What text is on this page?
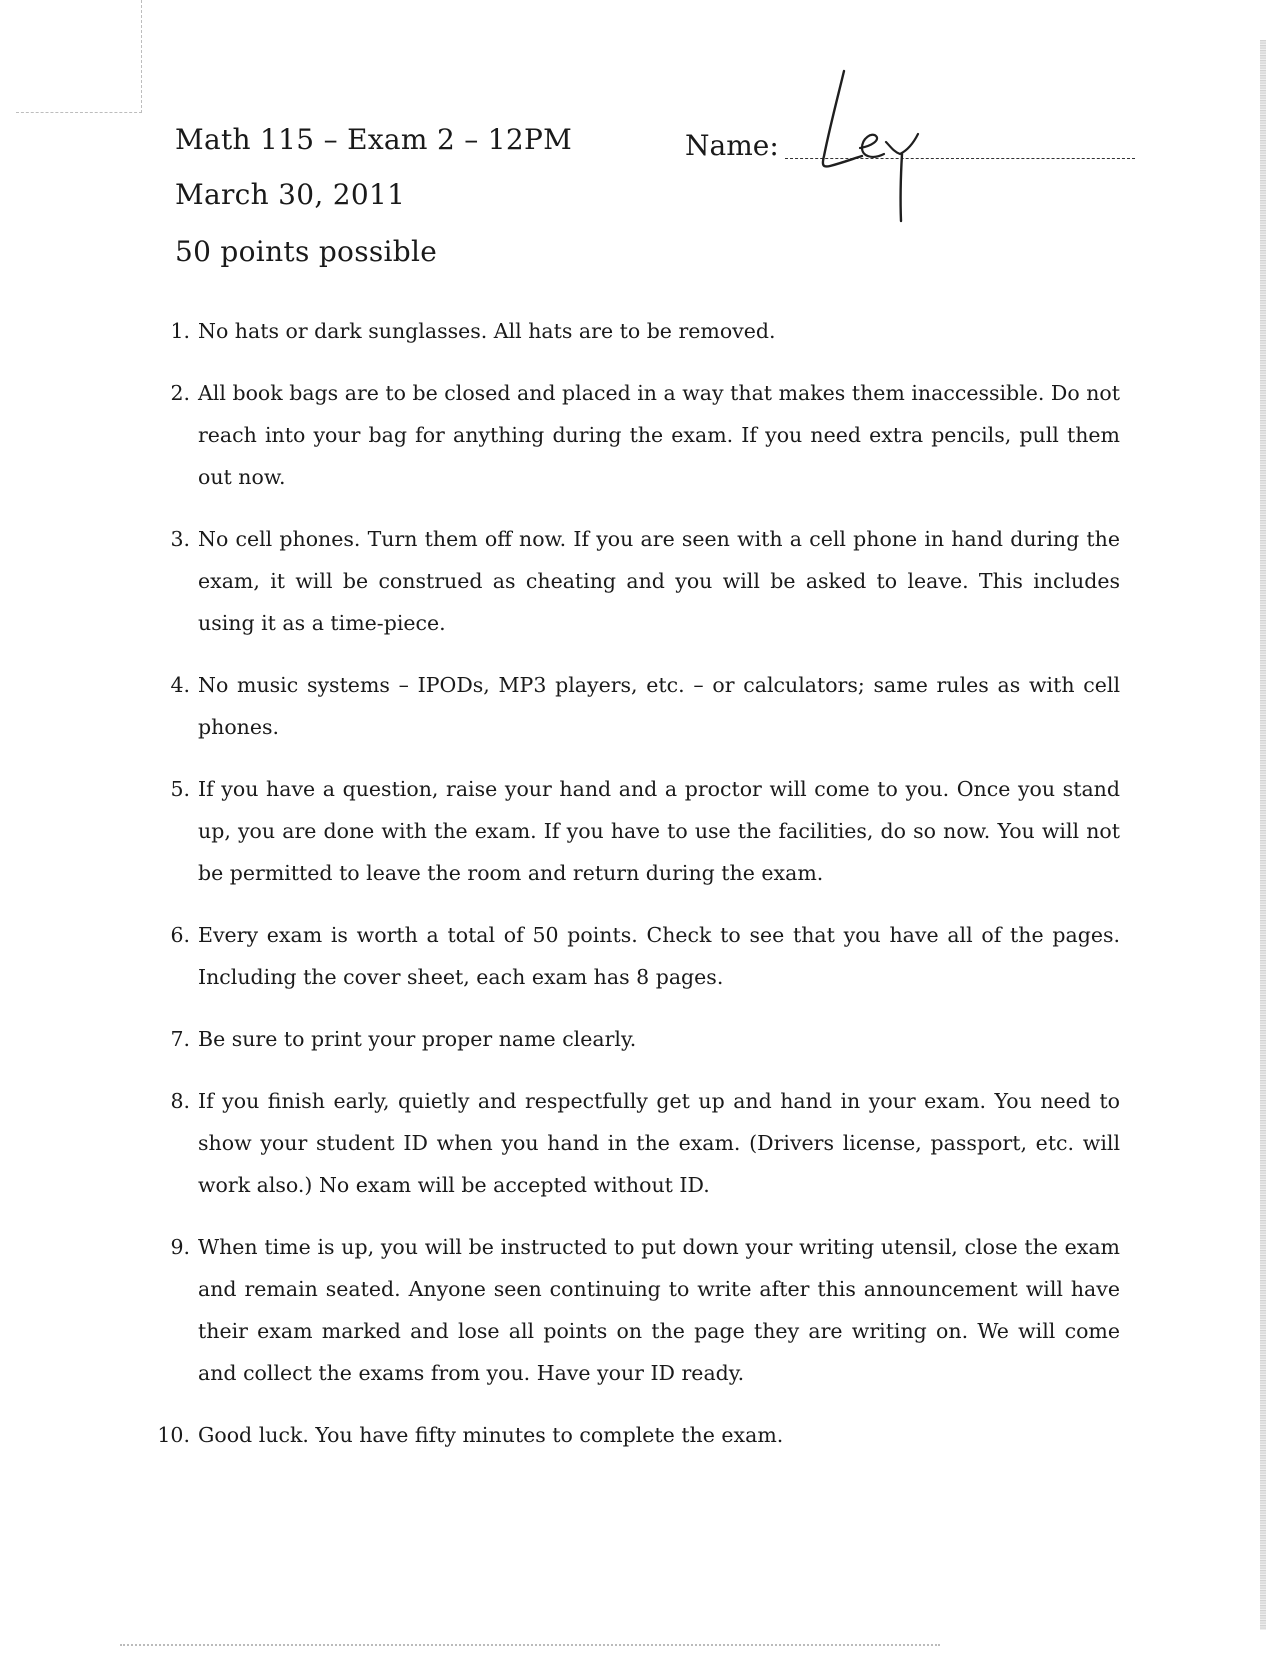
Math 115 – Exam 2 – 12PM
March 30, 2011
50 points possible
Name:
1. No hats or dark sunglasses. All hats are to be removed.
2. All book bags are to be closed and placed in a way that makes them inaccessible. Do not reach into your bag for anything during the exam. If you need extra pencils, pull them out now.
3. No cell phones. Turn them off now. If you are seen with a cell phone in hand during the exam, it will be construed as cheating and you will be asked to leave. This includes using it as a time-piece.
4. No music systems – IPODs, MP3 players, etc. – or calculators; same rules as with cell phones.
5. If you have a question, raise your hand and a proctor will come to you. Once you stand up, you are done with the exam. If you have to use the facilities, do so now. You will not be permitted to leave the room and return during the exam.
6. Every exam is worth a total of 50 points. Check to see that you have all of the pages. Including the cover sheet, each exam has 8 pages.
7. Be sure to print your proper name clearly.
8. If you finish early, quietly and respectfully get up and hand in your exam. You need to show your student ID when you hand in the exam. (Drivers license, passport, etc. will work also.) No exam will be accepted without ID.
9. When time is up, you will be instructed to put down your writing utensil, close the exam and remain seated. Anyone seen continuing to write after this announcement will have their exam marked and lose all points on the page they are writing on. We will come and collect the exams from you. Have your ID ready.
10. Good luck. You have fifty minutes to complete the exam.
